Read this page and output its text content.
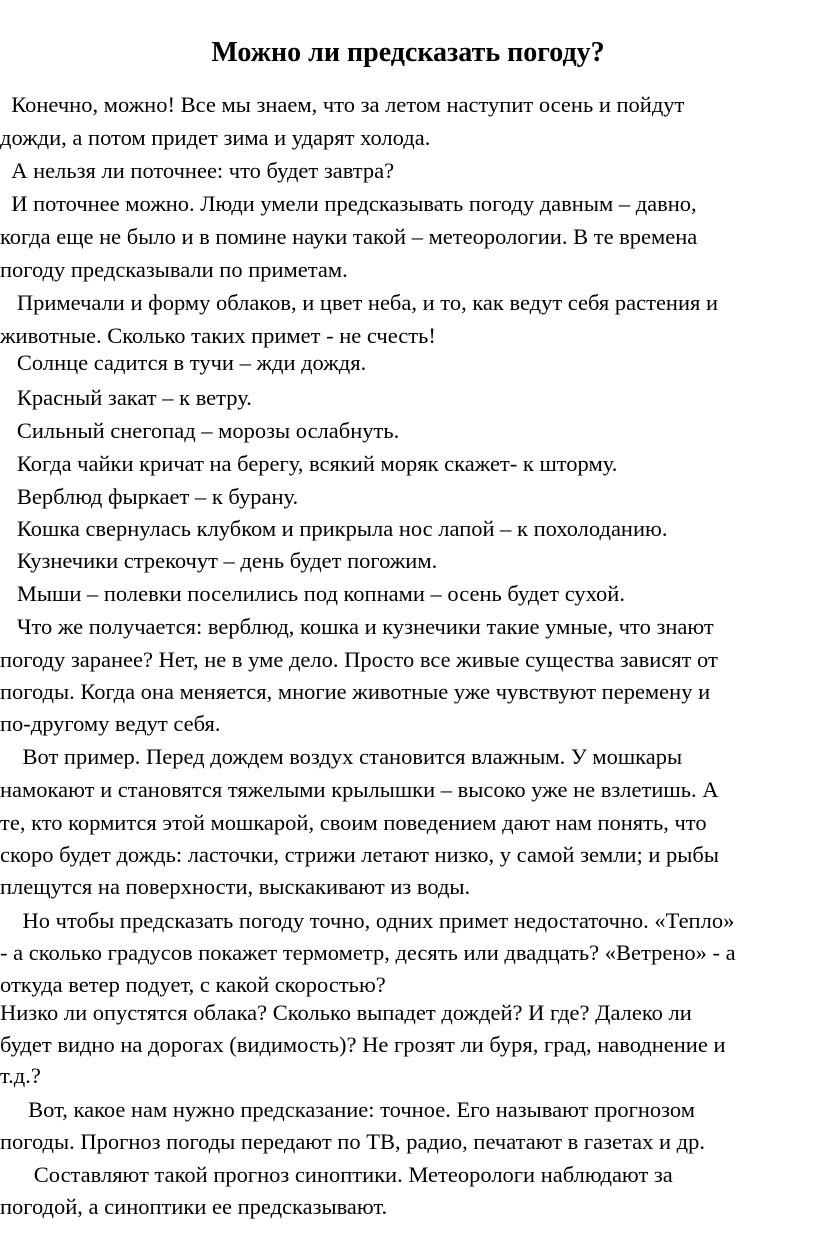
Можно ли предсказать погоду?
Конечно, можно! Все мы знаем, что за летом наступит осень и пойдут
дожди, а потом придет зима и ударят холода.
А нельзя ли поточнее: что будет завтра?
И поточнее можно. Люди умели предсказывать погоду давным – давно,
когда еще не было и в помине науки такой – метеорологии. В те времена
погоду предсказывали по приметам.
Примечали и форму облаков, и цвет неба, и то, как ведут себя растения и
животные. Сколько таких примет - не счесть!
Солнце садится в тучи – жди дождя.
Красный закат – к ветру.
Сильный снегопад – морозы ослабнуть.
Когда чайки кричат на берегу, всякий моряк скажет- к шторму.
Верблюд фыркает – к бурану.
Кошка свернулась клубком и прикрыла нос лапой – к похолоданию.
Кузнечики стрекочут – день будет погожим.
Мыши – полевки поселились под копнами – осень будет сухой.
Что же получается: верблюд, кошка и кузнечики такие умные, что знают
погоду заранее? Нет, не в уме дело. Просто все живые существа зависят от
погоды. Когда она меняется, многие животные уже чувствуют перемену и
по-другому ведут себя.
Вот пример. Перед дождем воздух становится влажным. У мошкары
намокают и становятся тяжелыми крылышки – высоко уже не взлетишь. А
те, кто кормится этой мошкарой, своим поведением дают нам понять, что
скоро будет дождь: ласточки, стрижи летают низко, у самой земли; и рыбы
плещутся на поверхности, выскакивают из воды.
Но чтобы предсказать погоду точно, одних примет недостаточно. «Тепло»
- а сколько градусов покажет термометр, десять или двадцать? «Ветрено» - а
откуда ветер подует, с какой скоростью?
Низко ли опустятся облака? Сколько выпадет дождей? И где? Далеко ли
будет видно на дорогах (видимость)? Не грозят ли буря, град, наводнение и
т.д.?
Вот, какое нам нужно предсказание: точное. Его называют прогнозом
погоды. Прогноз погоды передают по ТВ, радио, печатают в газетах и др.
Составляют такой прогноз синоптики. Метеорологи наблюдают за
погодой, а синоптики ее предсказывают.
